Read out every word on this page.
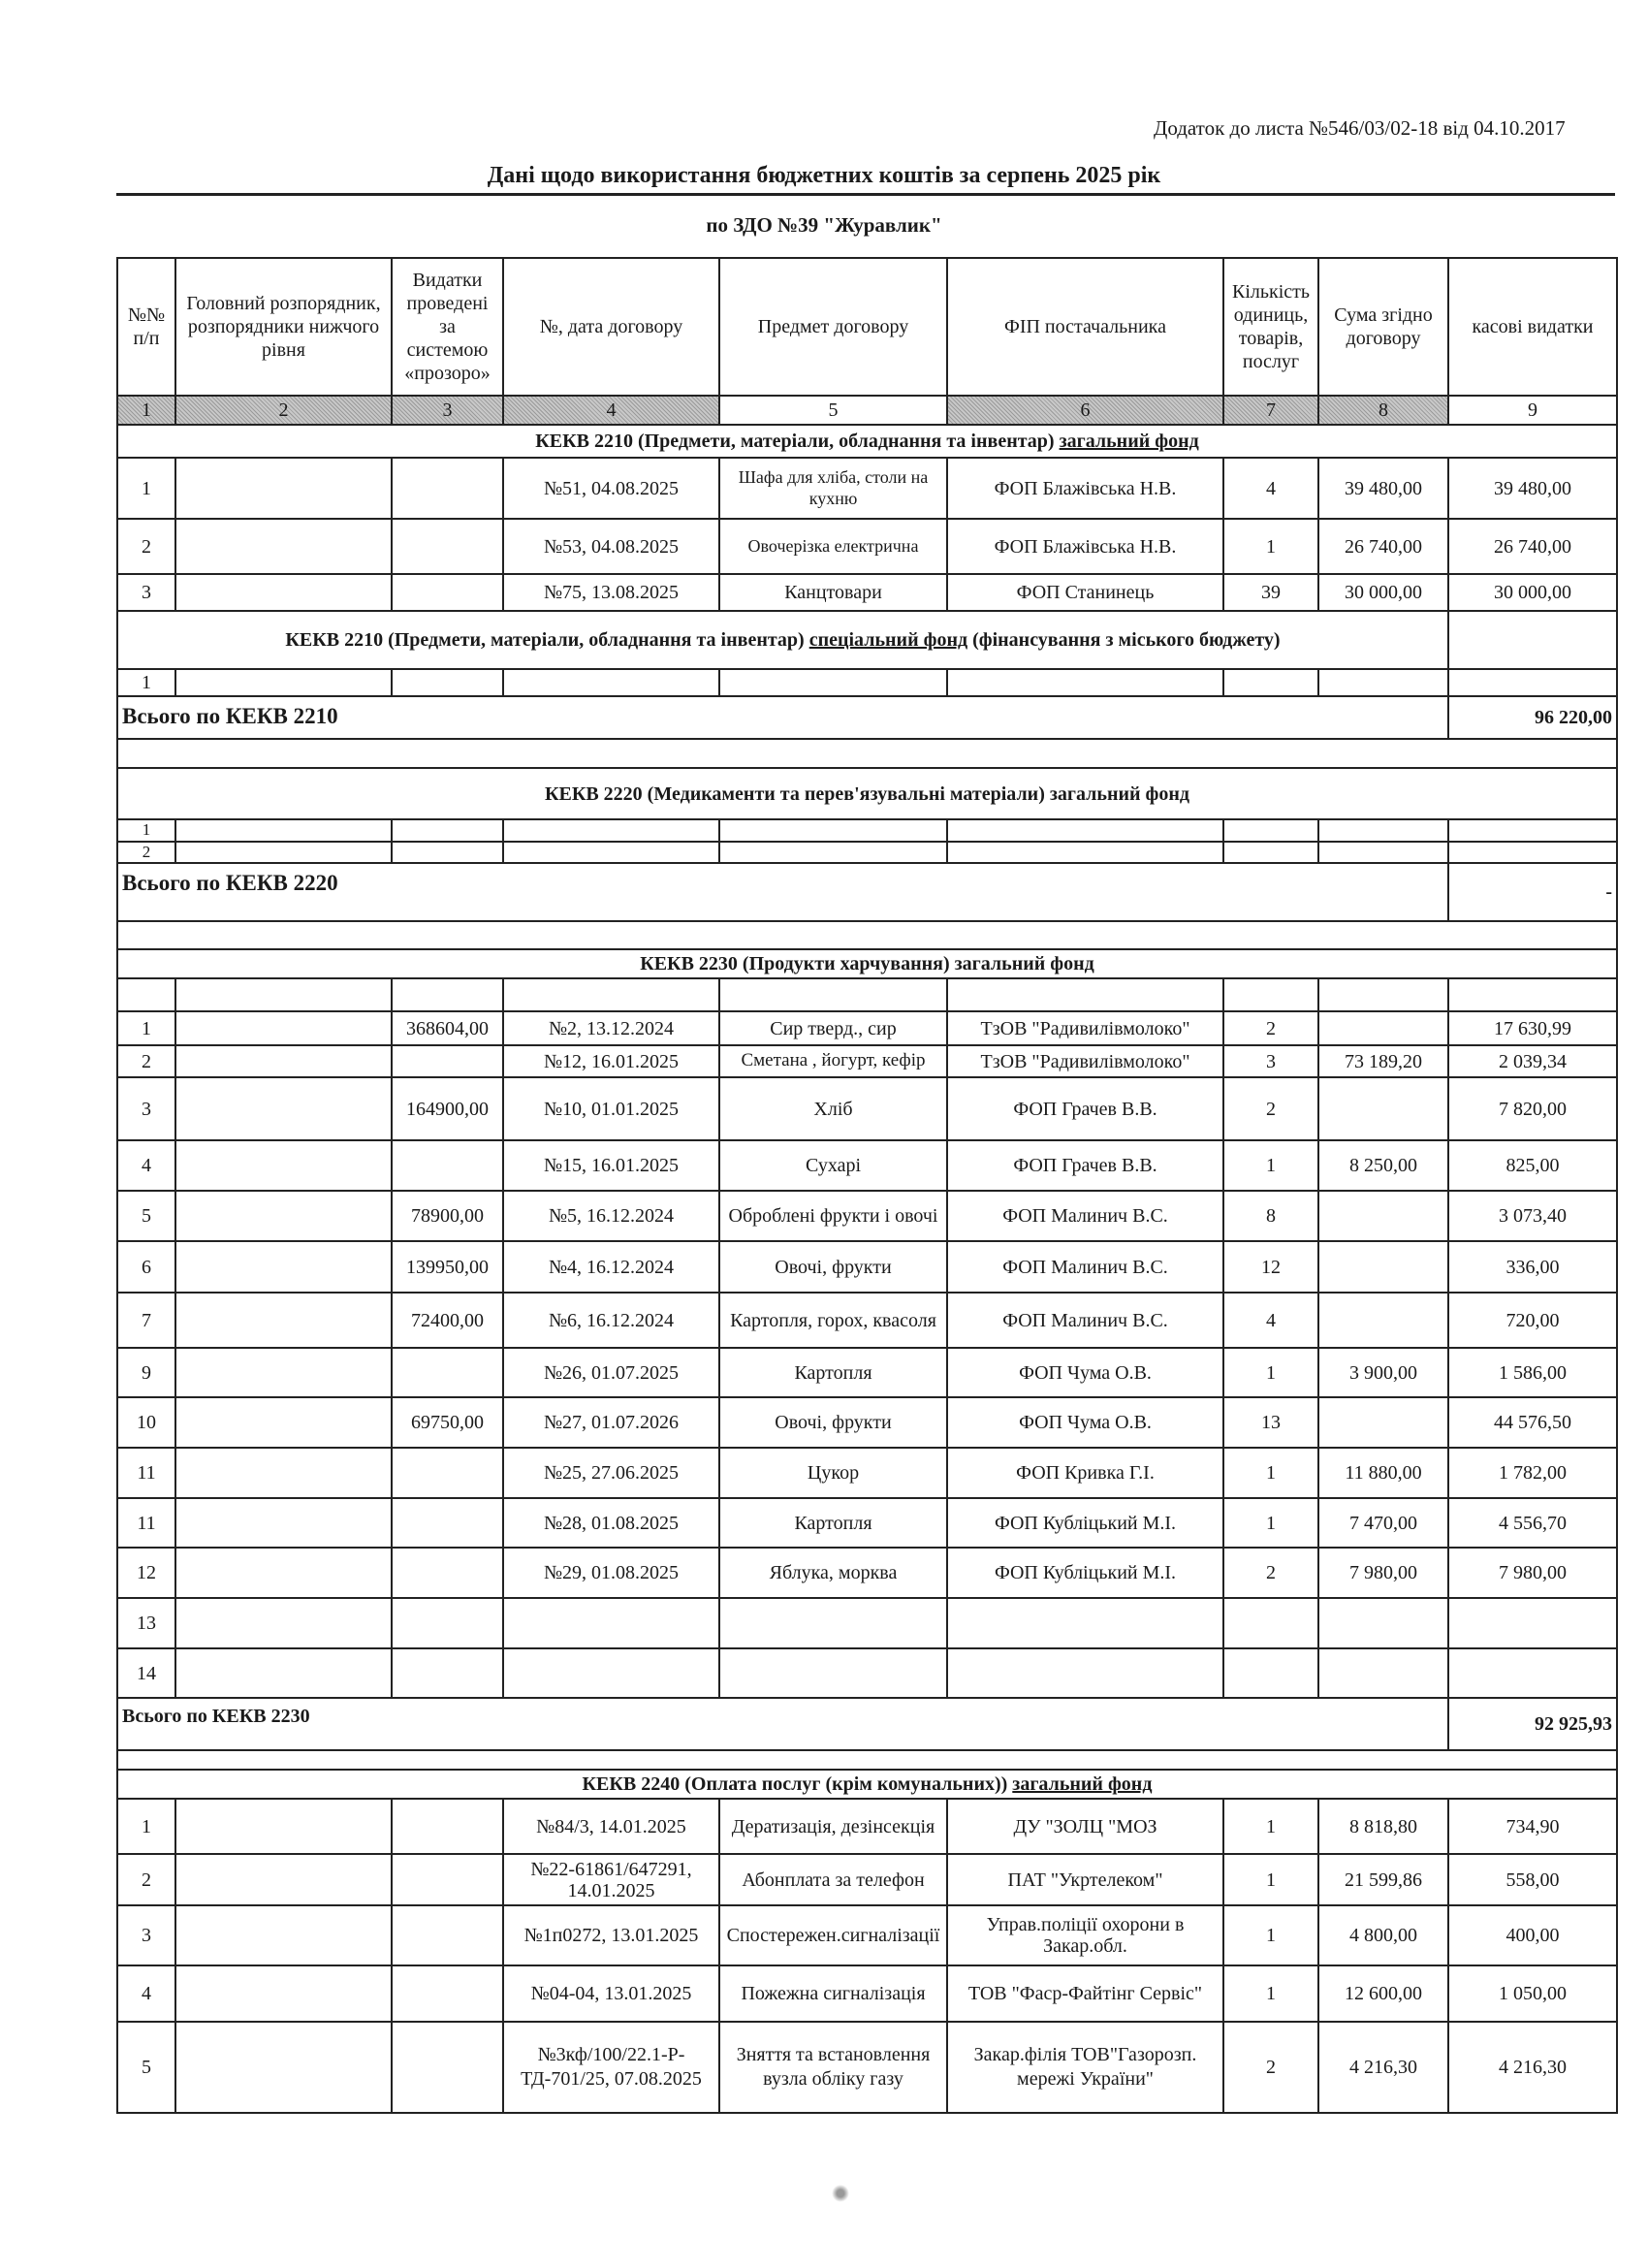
Додаток до листа №546/03/02-18 від 04.10.2017
Дані щодо використання бюджетних коштів за серпень 2025 рік
по ЗДО №39 "Журавлик"
№№ п/п	Головний розпорядник, розпорядники нижчого рівня	Видатки проведені за системою «прозоро»	№, дата договору	Предмет договору	ФІП постачальника	Кількість одиниць, товарів, послуг	Сума згідно договору	касові видатки
1	2	3	4	5	6	7	8	9
КЕКВ 2210 (Предмети, матеріали, обладнання та інвентар) загальний фонд								
1			№51, 04.08.2025	Шафа для хліба, столи на кухню	ФОП Блажівська Н.В.	4	39 480,00	39 480,00
2			№53, 04.08.2025	Овочерізка електрична	ФОП Блажівська Н.В.	1	26 740,00	26 740,00
3			№75, 13.08.2025	Канцтовари	ФОП Станинець	39	30 000,00	30 000,00
КЕКВ 2210 (Предмети, матеріали, обладнання та інвентар) спеціальний фонд (фінансування з міського бюджету)								
1								
Всього по КЕКВ 2210								96 220,00

КЕКВ 2220 (Медикаменти та перев'язувальні матеріали) загальний фонд								
1								
2								
Всього по КЕКВ 2220								-

КЕКВ 2230 (Продукти харчування) загальний фонд								

1		368604,00	№2, 13.12.2024	Сир тверд., сир	ТзОВ "Радивилівмолоко"	2		17 630,99
2			№12, 16.01.2025	Сметана , йогурт, кефір	ТзОВ "Радивилівмолоко"	3	73 189,20	2 039,34
3		164900,00	№10, 01.01.2025	Хліб	ФОП Грачев В.В.	2		7 820,00
4			№15, 16.01.2025	Сухарі	ФОП Грачев В.В.	1	8 250,00	825,00
5		78900,00	№5, 16.12.2024	Оброблені фрукти і овочі	ФОП Малинич В.С.	8		3 073,40
6		139950,00	№4, 16.12.2024	Овочі, фрукти	ФОП Малинич В.С.	12		336,00
7		72400,00	№6, 16.12.2024	Картопля, горох, квасоля	ФОП Малинич В.С.	4		720,00
9			№26, 01.07.2025	Картопля	ФОП Чума О.В.	1	3 900,00	1 586,00
10		69750,00	№27, 01.07.2026	Овочі, фрукти	ФОП Чума О.В.	13		44 576,50
11			№25, 27.06.2025	Цукор	ФОП Кривка Г.І.	1	11 880,00	1 782,00
11			№28, 01.08.2025	Картопля	ФОП Кубліцький М.І.	1	7 470,00	4 556,70
12			№29, 01.08.2025	Яблука, морква	ФОП Кубліцький М.І.	2	7 980,00	7 980,00
13								
14								
Всього по КЕКВ 2230								92 925,93

КЕКВ 2240 (Оплата послуг (крім комунальних)) загальний фонд								
1			№84/3, 14.01.2025	Дератизація, дезінсекція	ДУ "ЗОЛЦ "МОЗ	1	8 818,80	734,90
2			№22-61861/647291, 14.01.2025	Абонплата за телефон	ПАТ "Укртелеком"	1	21 599,86	558,00
3			№1п0272, 13.01.2025	Спостережен.сигналізації	Управ.поліції охорони в Закар.обл.	1	4 800,00	400,00
4			№04-04, 13.01.2025	Пожежна сигналізація	ТОВ "Фаср-Файтінг Сервіс"	1	12 600,00	1 050,00
5			№3кф/100/22.1-Р-ТД-701/25, 07.08.2025	Зняття та встановлення вузла обліку газу	Закар.філія ТОВ"Газорозп. мережі України"	2	4 216,30	4 216,30
